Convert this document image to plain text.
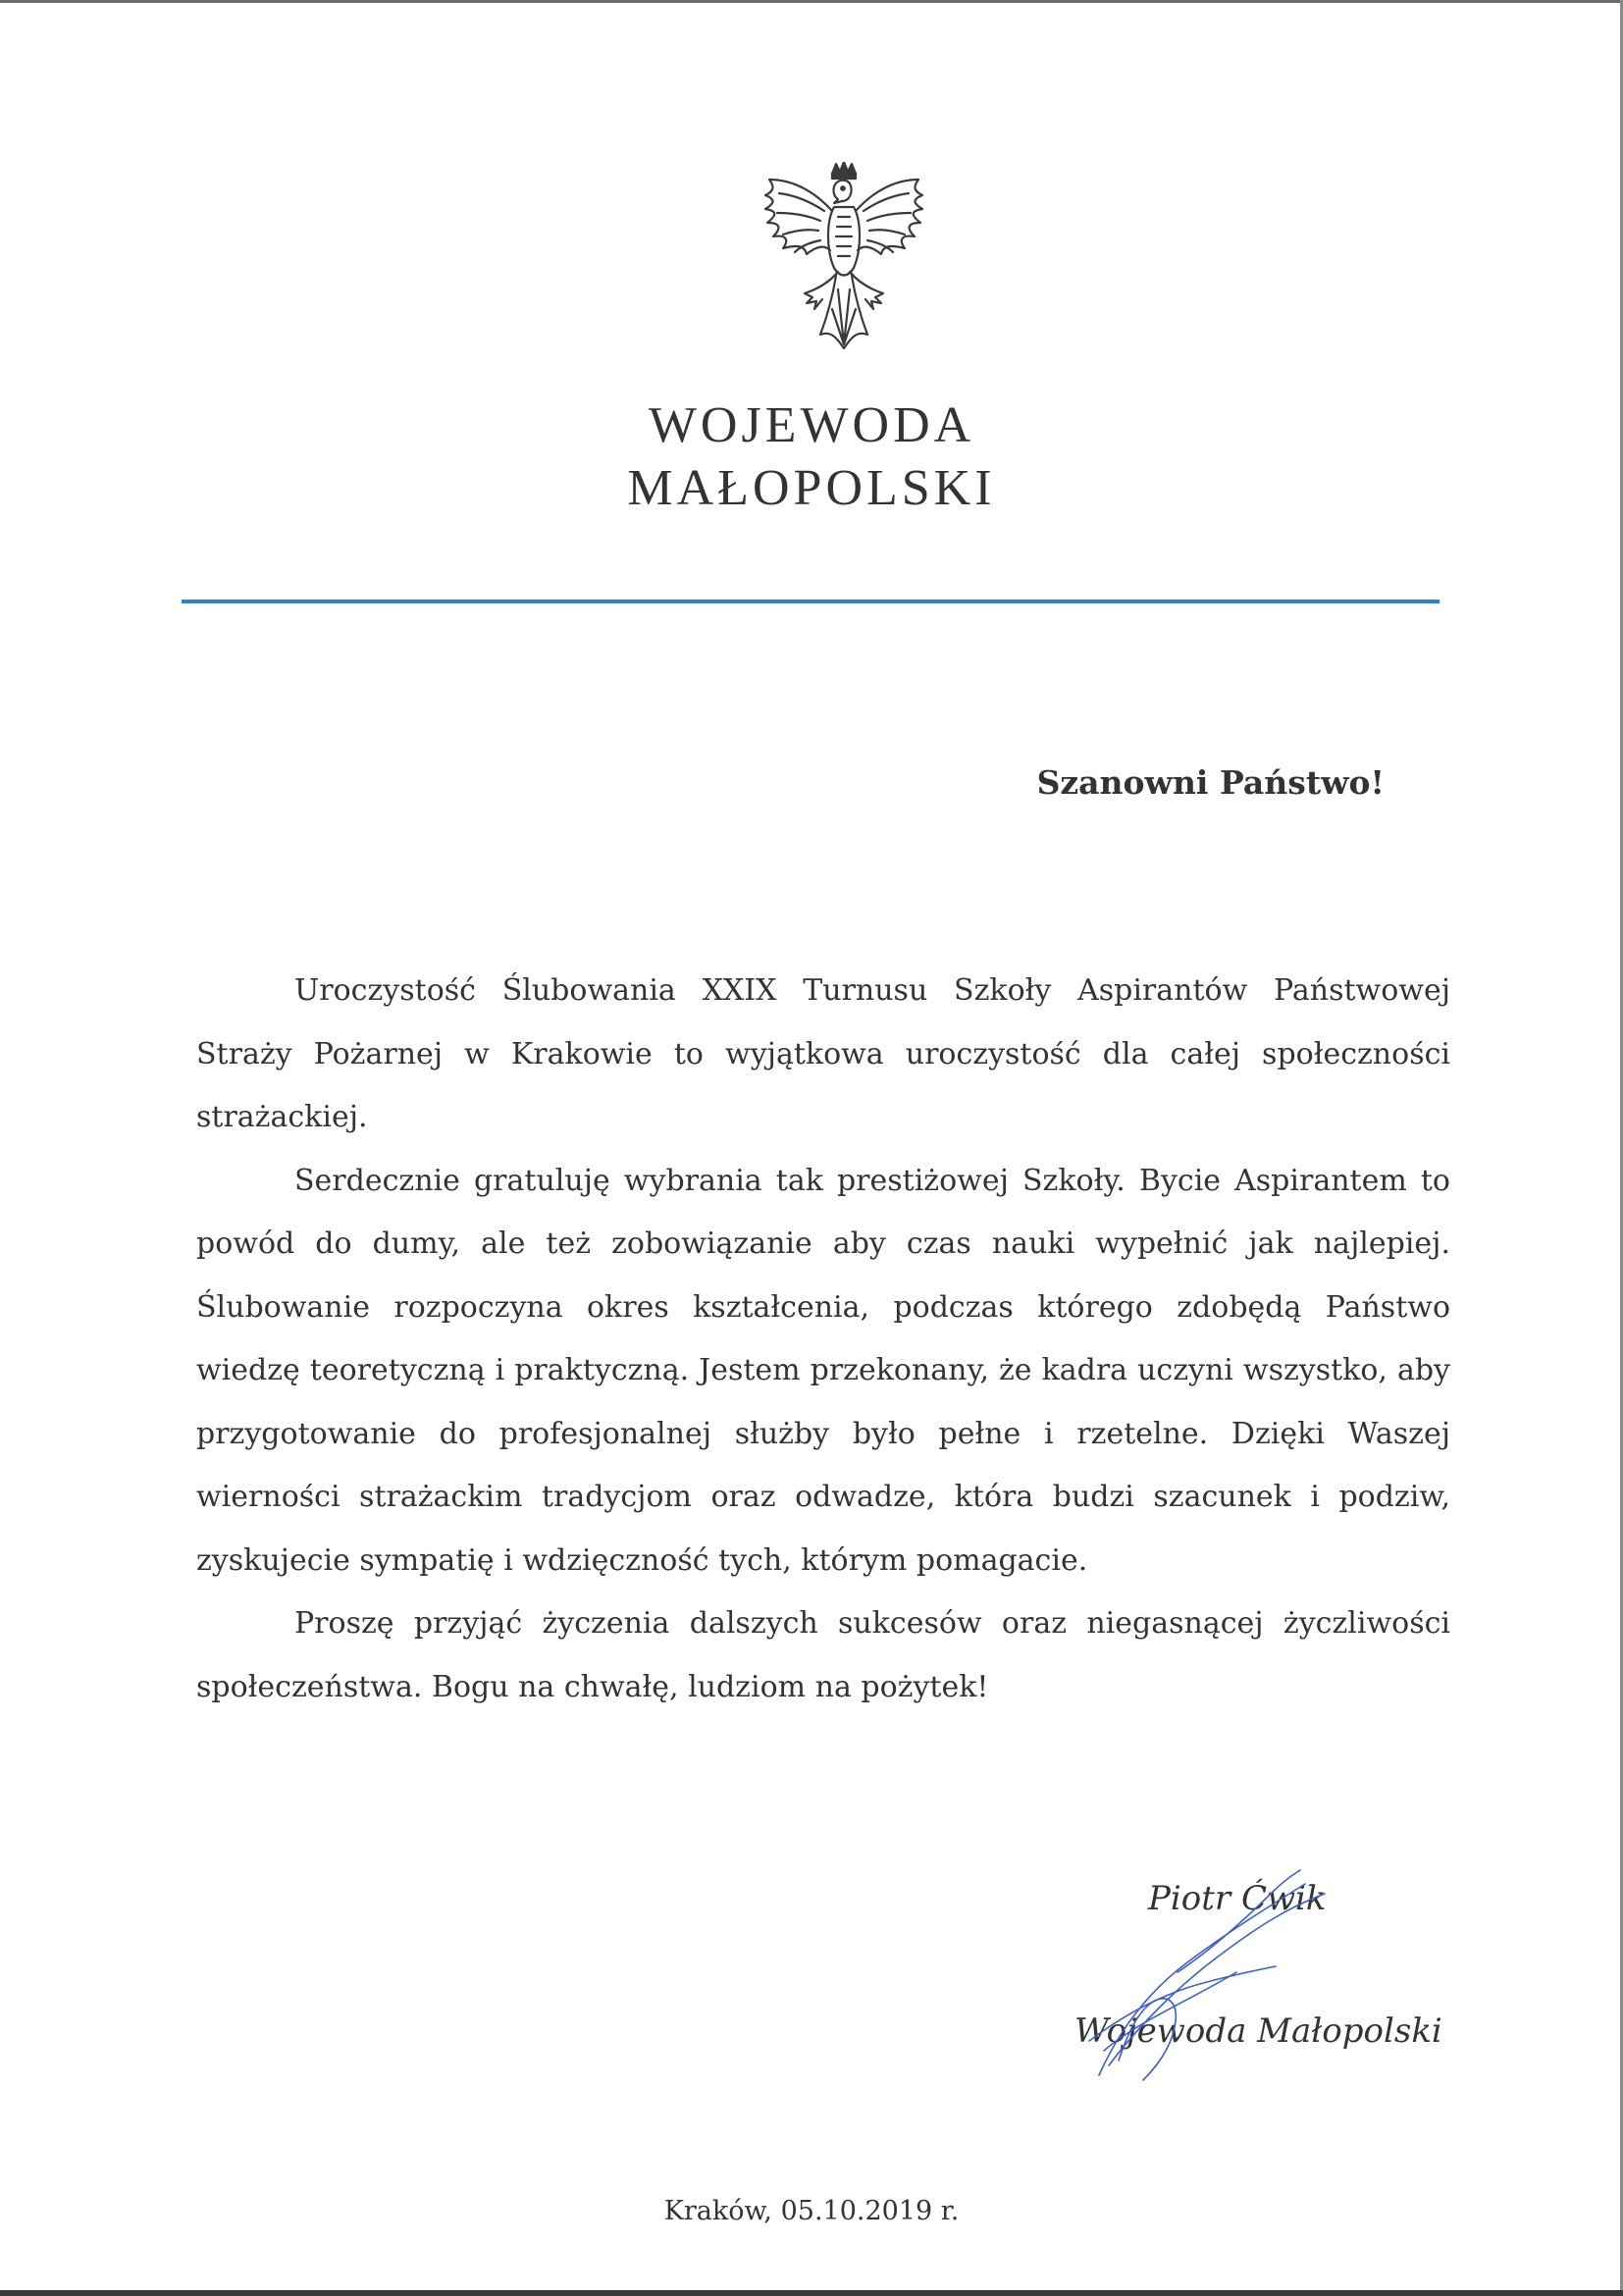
WOJEWODA
MAŁOPOLSKI
Szanowni Państwo!

Uroczystość Ślubowania XXIX Turnusu Szkoły Aspirantów Państwowej Straży Pożarnej w Krakowie to wyjątkowa uroczystość dla całej społeczności strażackiej.

Serdecznie gratuluję wybrania tak prestiżowej Szkoły. Bycie Aspirantem to powód do dumy, ale też zobowiązanie aby czas nauki wypełnić jak najlepiej. Ślubowanie rozpoczyna okres kształcenia, podczas którego zdobędą Państwo wiedzę teoretyczną i praktyczną. Jestem przekonany, że kadra uczyni wszystko, aby przygotowanie do profesjonalnej służby było pełne i rzetelne. Dzięki Waszej wierności strażackim tradycjom oraz odwadze, która budzi szacunek i podziw, zyskujecie sympatię i wdzięczność tych, którym pomagacie.

Proszę przyjąć życzenia dalszych sukcesów oraz niegasnącej życzliwości społeczeństwa. Bogu na chwałę, ludziom na pożytek!

Piotr Ćwik
Wojewoda Małopolski
Kraków, 05.10.2019 r.
